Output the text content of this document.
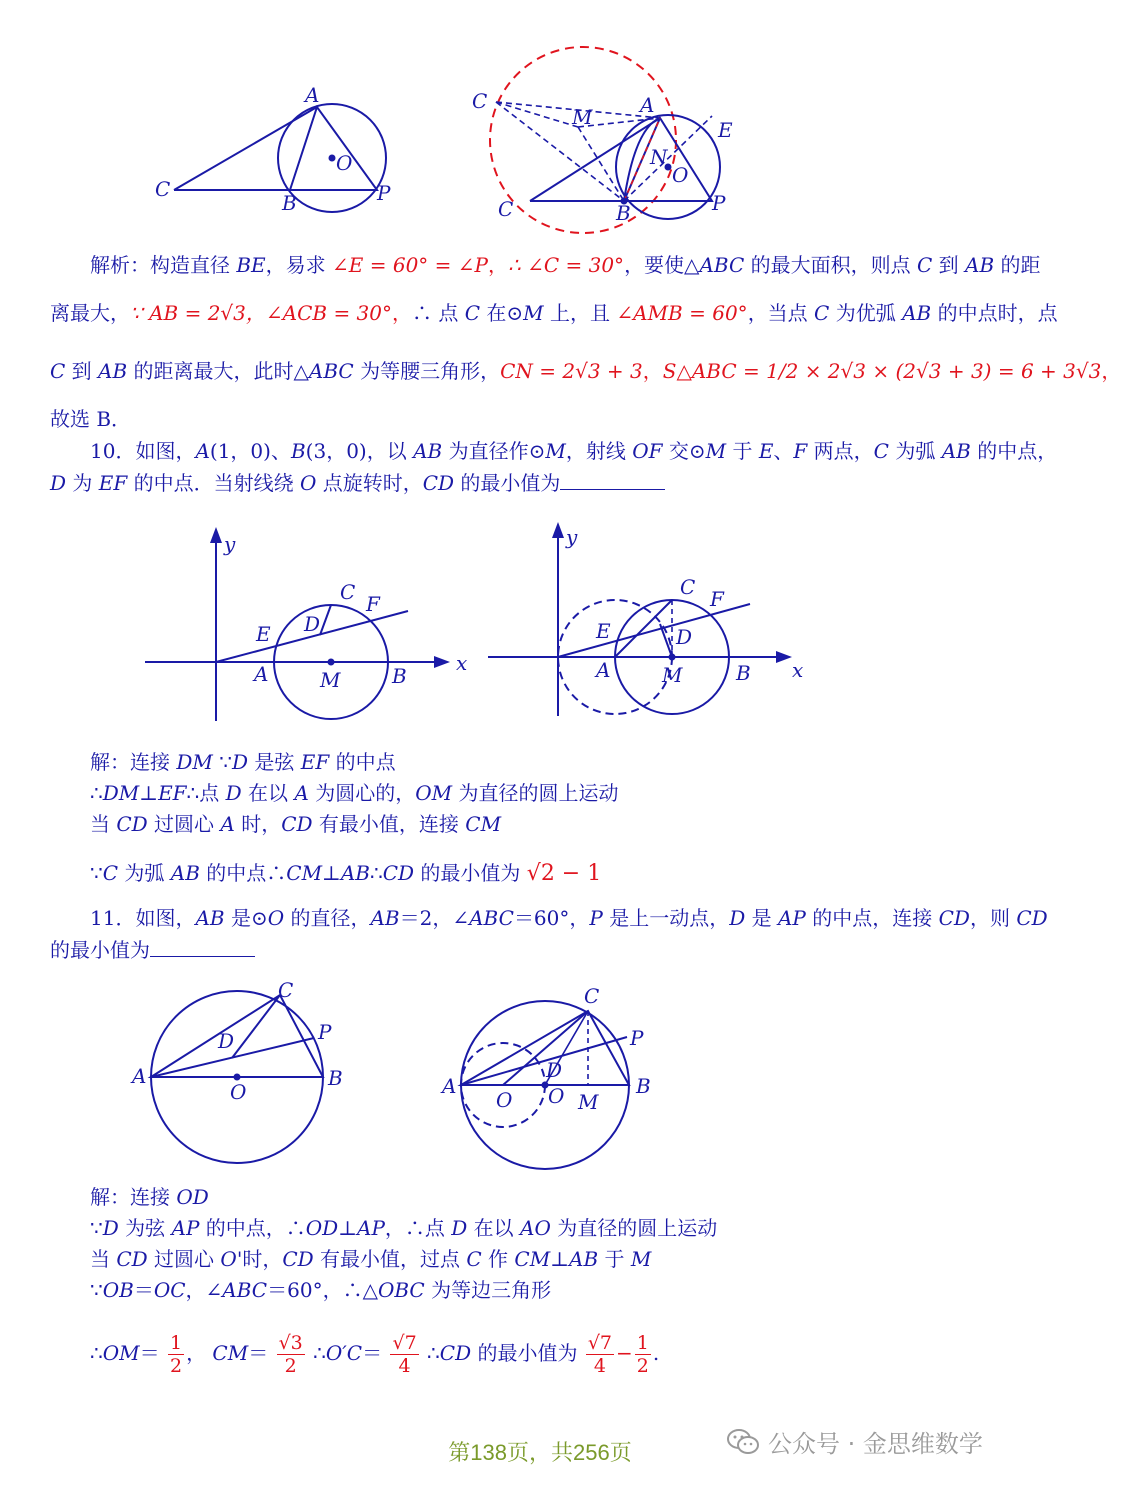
A
O
C
B	P
C
M A
E
N
O
C	B	P
解析：构造直径 BE，易求 ∠E = 60° = ∠P，∴ ∠C = 30°，要使△ABC 的最大面积，则点 C 到 AB 的距
离最大，∵ AB = 2√3，∠ACB = 30°，∴ 点 C 在⊙M 上，且 ∠AMB = 60°，当点 C 为优弧 AB 的中点时，点
C 到 AB 的距离最大，此时△ABC 为等腰三角形，CN = 2√3 + 3，S△ABC = 1/2 × 2√3 × (2√3 + 3) = 6 + 3√3，
故选 B．
10．如图，A(1，0)、B(3，0)，以 AB 为直径作⊙M，射线 OF 交⊙M 于 E、F 两点，C 为弧 AB 的中点，
D 为 EF 的中点．当射线绕 O 点旋转时，CD 的最小值为
y
C F
D
E
A	M	B
x
y
C F
E	D
A	M	B x
解：连接 DM ∵D 是弦 EF 的中点
∴DM⊥EF∴点 D 在以 A 为圆心的，OM 为直径的圆上运动
当 CD 过圆心 A 时，CD 有最小值，连接 CM
∵C 为弧 AB 的中点∴CM⊥AB∴CD 的最小值为 √2 − 1
11．如图，AB 是⊙O 的直径，AB＝2，∠ABC＝60°，P 是上一动点，D 是 AP 的中点，连接 CD，则 CD
的最小值为
C
D	P
A
O
B
C
P
D
A
O O M
B
解：连接 OD
∵D 为弦 AP 的中点，∴OD⊥AP，∴点 D 在以 AO 为直径的圆上运动
当 CD 过圆心 O'时，CD 有最小值，过点 C 作 CM⊥AB 于 M
∵OB＝OC，∠ABC＝60°，∴△OBC 为等边三角形
∴OM＝ $\frac{1}{2}$ ， $CM= \frac{√3}{2}$ ∴O′C＝ $\frac{√7}{4}$ ∴CD 的最小值为 $\frac{√7}{4} - \frac{1}{2}$ .
第138页，共256页	公众号 · 金思维数学
